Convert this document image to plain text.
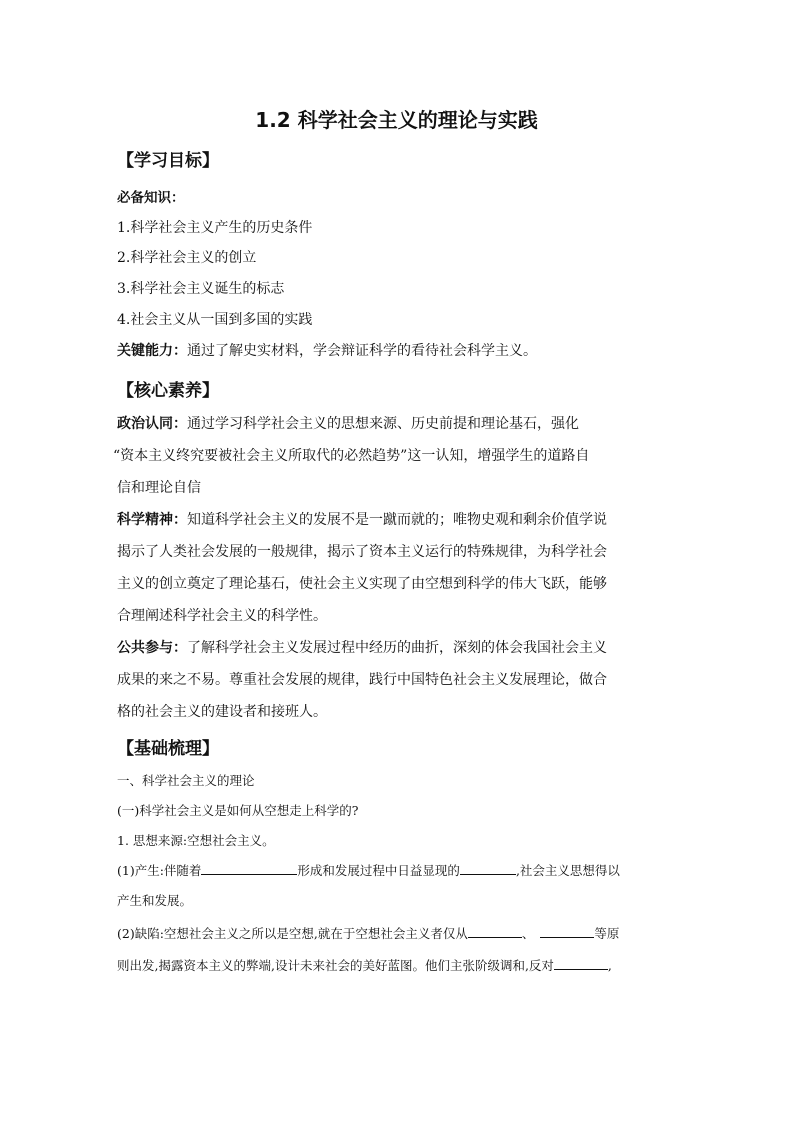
1.2 科学社会主义的理论与实践
【学习目标】
必备知识：
1.科学社会主义产生的历史条件
2.科学社会主义的创立
3.科学社会主义诞生的标志
4.社会主义从一国到多国的实践
关键能力：通过了解史实材料，学会辩证科学的看待社会科学主义。
【核心素养】
政治认同：通过学习科学社会主义的思想来源、历史前提和理论基石，强化
“资本主义终究要被社会主义所取代的必然趋势”这一认知，增强学生的道路自
信和理论自信
科学精神：知道科学社会主义的发展不是一蹴而就的；唯物史观和剩余价值学说
揭示了人类社会发展的一般规律，揭示了资本主义运行的特殊规律，为科学社会
主义的创立奠定了理论基石，使社会主义实现了由空想到科学的伟大飞跃，能够
合理阐述科学社会主义的科学性。
公共参与：了解科学社会主义发展过程中经历的曲折，深刻的体会我国社会主义
成果的来之不易。尊重社会发展的规律，践行中国特色社会主义发展理论，做合
格的社会主义的建设者和接班人。
【基础梳理】
一、科学社会主义的理论
(一)科学社会主义是如何从空想走上科学的?
1. 思想来源:空想社会主义。
(1)产生:伴随着	形成和发展过程中日益显现的	,社会主义思想得以
产生和发展。
(2)缺陷:空想社会主义之所以是空想,就在于空想社会主义者仅从	、	等原
则出发,揭露资本主义的弊端,设计未来社会的美好蓝图。他们主张阶级调和,反对	,
